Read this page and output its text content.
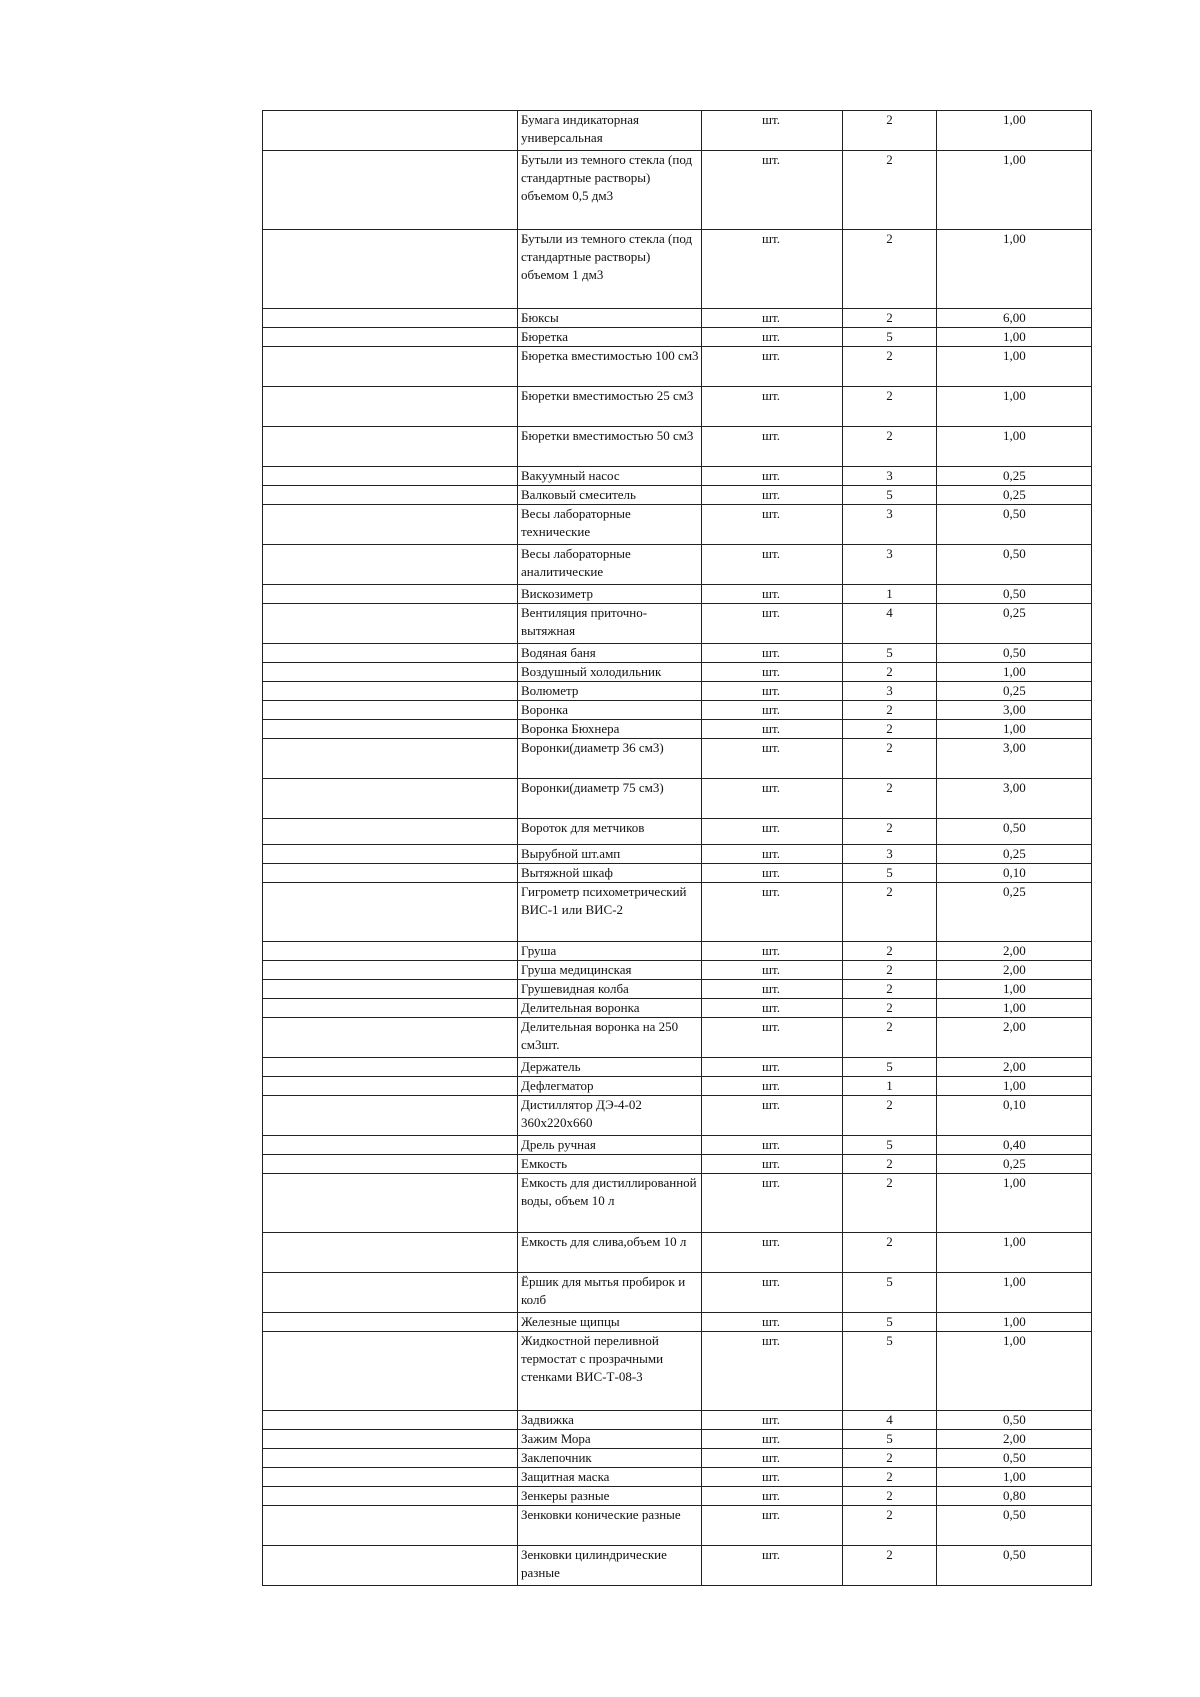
	Бумага индикаторная универсальная	шт.	2	1,00
	Бутыли из темного стекла (под стандартные растворы) объемом 0,5 дм3	шт.	2	1,00
	Бутыли из темного стекла (под стандартные растворы) объемом 1 дм3	шт.	2	1,00
	Бюксы	шт.	2	6,00
	Бюретка	шт.	5	1,00
	Бюретка вместимостью 100 см3	шт.	2	1,00
	Бюретки вместимостью 25 см3	шт.	2	1,00
	Бюретки вместимостью 50 см3	шт.	2	1,00
	Вакуумный насос	шт.	3	0,25
	Валковый смеситель	шт.	5	0,25
	Весы лабораторные технические	шт.	3	0,50
	Весы лабораторные аналитические	шт.	3	0,50
	Вискозиметр	шт.	1	0,50
	Вентиляция приточно-вытяжная	шт.	4	0,25
	Водяная баня	шт.	5	0,50
	Воздушный холодильник	шт.	2	1,00
	Волюметр	шт.	3	0,25
	Воронка	шт.	2	3,00
	Воронка Бюхнера	шт.	2	1,00
	Воронки(диаметр 36 см3)	шт.	2	3,00
	Воронки(диаметр 75 см3)	шт.	2	3,00
	Вороток для метчиков	шт.	2	0,50
	Вырубной шт.амп	шт.	3	0,25
	Вытяжной шкаф	шт.	5	0,10
	Гигрометр психометрический ВИС-1 или ВИС-2	шт.	2	0,25
	Груша	шт.	2	2,00
	Груша медицинская	шт.	2	2,00
	Грушевидная колба	шт.	2	1,00
	Делительная воронка	шт.	2	1,00
	Делительная воронка на 250 см3шт.	шт.	2	2,00
	Держатель	шт.	5	2,00
	Дефлегматор	шт.	1	1,00
	Дистиллятор ДЭ-4-02 360x220x660	шт.	2	0,10
	Дрель ручная	шт.	5	0,40
	Емкость	шт.	2	0,25
	Емкость для дистиллированной воды, объем 10 л	шт.	2	1,00
	Емкость для слива,объем 10 л	шт.	2	1,00
	Ёршик для мытья пробирок и колб	шт.	5	1,00
	Железные щипцы	шт.	5	1,00
	Жидкостной переливной термостат с прозрачными стенками ВИС-Т-08-3	шт.	5	1,00
	Задвижка	шт.	4	0,50
	Зажим Мора	шт.	5	2,00
	Заклепочник	шт.	2	0,50
	Защитная маска	шт.	2	1,00
	Зенкеры разные	шт.	2	0,80
	Зенковки конические разные	шт.	2	0,50
	Зенковки цилиндрические разные	шт.	2	0,50
